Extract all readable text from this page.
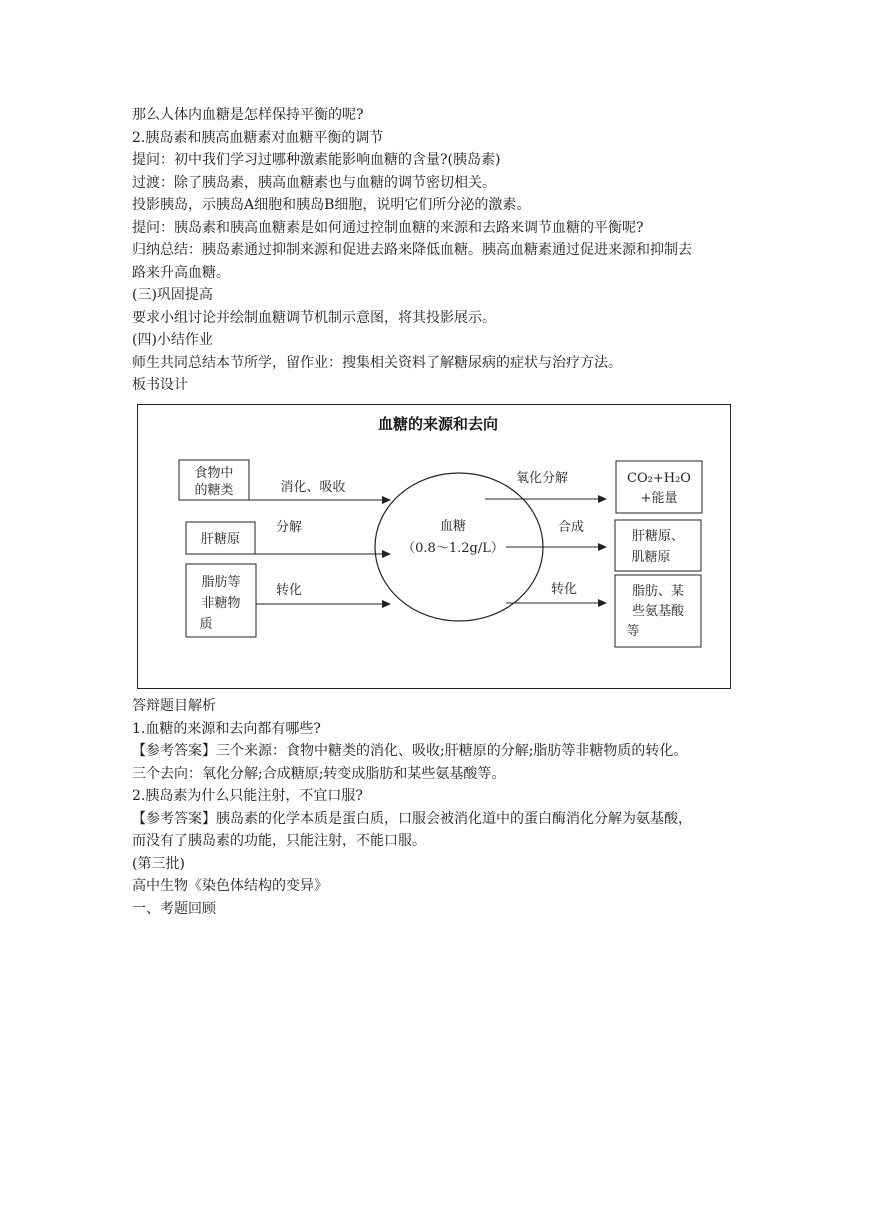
那么人体内血糖是怎样保持平衡的呢?
2.胰岛素和胰高血糖素对血糖平衡的调节
提问：初中我们学习过哪种激素能影响血糖的含量?(胰岛素)
过渡：除了胰岛素，胰高血糖素也与血糖的调节密切相关。
投影胰岛，示胰岛A细胞和胰岛B细胞，说明它们所分泌的激素。
提问：胰岛素和胰高血糖素是如何通过控制血糖的来源和去路来调节血糖的平衡呢?
归纳总结：胰岛素通过抑制来源和促进去路来降低血糖。胰高血糖素通过促进来源和抑制去
路来升高血糖。
(三)巩固提高
要求小组讨论并绘制血糖调节机制示意图，将其投影展示。
(四)小结作业
师生共同总结本节所学，留作业：搜集相关资料了解糖尿病的症状与治疗方法。
板书设计
血糖的来源和去向
食物中
的糖类
肝糖原
脂肪等
非糖物
质
消化、吸收
分解
转化
血糖
（0.8～1.2g/L）
氧化分解
合成
转化
CO₂+H₂O
+能量
肝糖原、
肌糖原
脂肪、某
些氨基酸
等
答辩题目解析
1.血糖的来源和去向都有哪些?
【参考答案】三个来源：食物中糖类的消化、吸收;肝糖原的分解;脂肪等非糖物质的转化。
三个去向：氧化分解;合成糖原;转变成脂肪和某些氨基酸等。
2.胰岛素为什么只能注射，不宜口服?
【参考答案】胰岛素的化学本质是蛋白质，口服会被消化道中的蛋白酶消化分解为氨基酸，
而没有了胰岛素的功能，只能注射，不能口服。
(第三批)
高中生物《染色体结构的变异》
一、考题回顾
